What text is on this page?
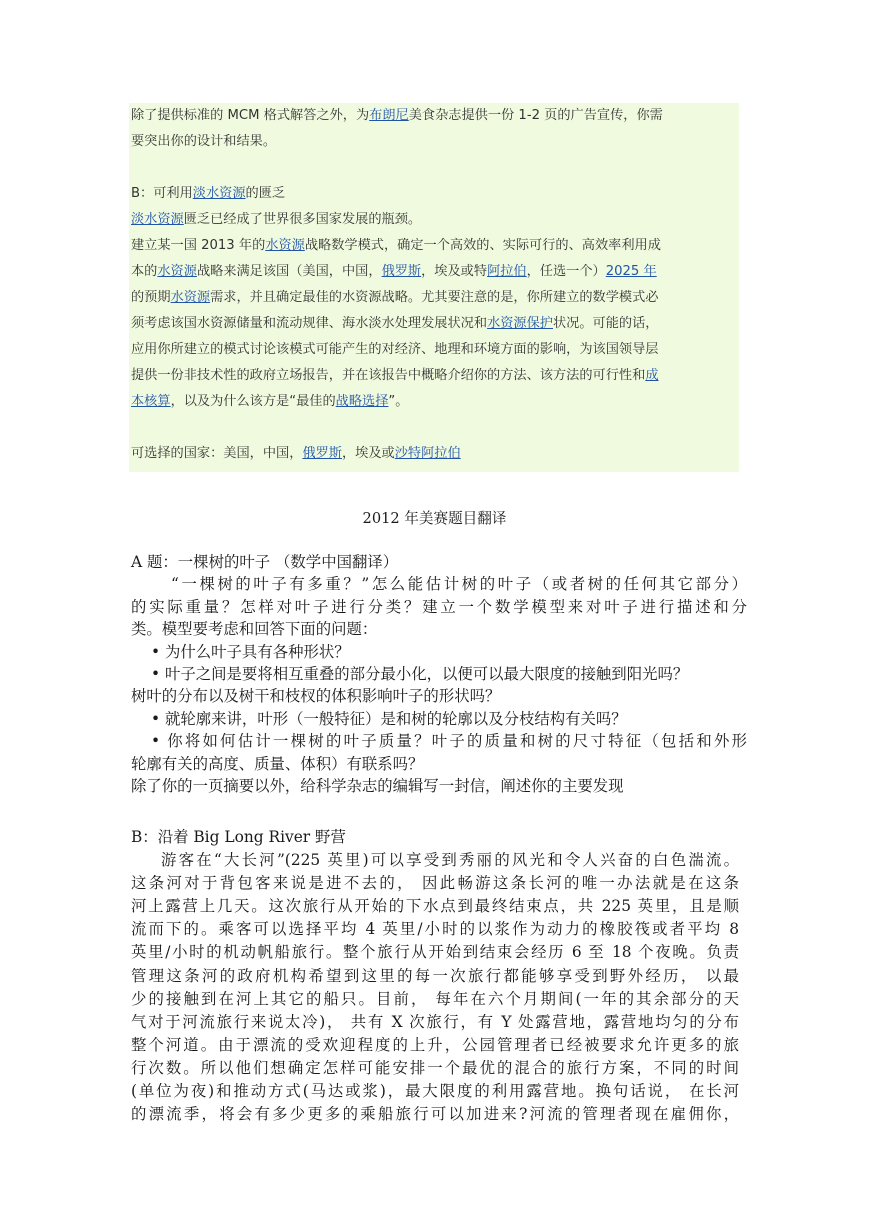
除了提供标准的 MCM 格式解答之外，为布朗尼美食杂志提供一份 1-2 页的广告宣传，你需

要突出你的设计和结果。

B：可利用淡水资源的匮乏

淡水资源匮乏已经成了世界很多国家发展的瓶颈。

建立某一国 2013 年的水资源战略数学模式，确定一个高效的、实际可行的、高效率利用成

本的水资源战略来满足该国（美国，中国，俄罗斯，埃及或特阿拉伯，任选一个）2025 年

的预期水资源需求，并且确定最佳的水资源战略。尤其要注意的是，你所建立的数学模式必

须考虑该国水资源储量和流动规律、海水淡水处理发展状况和水资源保护状况。可能的话，

应用你所建立的模式讨论该模式可能产生的对经济、地理和环境方面的影响，为该国领导层

提供一份非技术性的政府立场报告，并在该报告中概略介绍你的方法、该方法的可行性和成

本核算，以及为什么该方是“最佳的战略选择”。

可选择的国家：美国，中国，俄罗斯，埃及或沙特阿拉伯

2012 年美赛题目翻译
A 题：一棵树的叶子 （数学中国翻译）
“一棵树的叶子有多重？”怎么能估计树的叶子（或者树的任何其它部分）
的实际重量？怎样对叶子进行分类？建立一个数学模型来对叶子进行描述和分
类。模型要考虑和回答下面的问题：
• 为什么叶子具有各种形状？
• 叶子之间是要将相互重叠的部分最小化，以便可以最大限度的接触到阳光吗？
树叶的分布以及树干和枝杈的体积影响叶子的形状吗？
• 就轮廓来讲，叶形（一般特征）是和树的轮廓以及分枝结构有关吗？
• 你将如何估计一棵树的叶子质量？叶子的质量和树的尺寸特征（包括和外形
轮廓有关的高度、质量、体积）有联系吗？
除了你的一页摘要以外，给科学杂志的编辑写一封信，阐述你的主要发现
B：沿着 Big Long River 野营
游客在“大长河”(225 英里)可以享受到秀丽的风光和令人兴奋的白色湍流。
这条河对于背包客来说是进不去的， 因此畅游这条长河的唯一办法就是在这条
河上露营上几天。这次旅行从开始的下水点到最终结束点，共 225 英里，且是顺
流而下的。乘客可以选择平均 4 英里/小时的以浆作为动力的橡胶筏或者平均 8
英里/小时的机动帆船旅行。整个旅行从开始到结束会经历 6 至 18 个夜晚。负责
管理这条河的政府机构希望到这里的每一次旅行都能够享受到野外经历， 以最
少的接触到在河上其它的船只。目前， 每年在六个月期间(一年的其余部分的天
气对于河流旅行来说太冷)， 共有 X 次旅行，有 Y 处露营地，露营地均匀的分布
整个河道。由于漂流的受欢迎程度的上升，公园管理者已经被要求允许更多的旅
行次数。所以他们想确定怎样可能安排一个最优的混合的旅行方案，不同的时间
(单位为夜)和推动方式(马达或浆)，最大限度的利用露营地。换句话说， 在长河
的漂流季，将会有多少更多的乘船旅行可以加进来?河流的管理者现在雇佣你，
